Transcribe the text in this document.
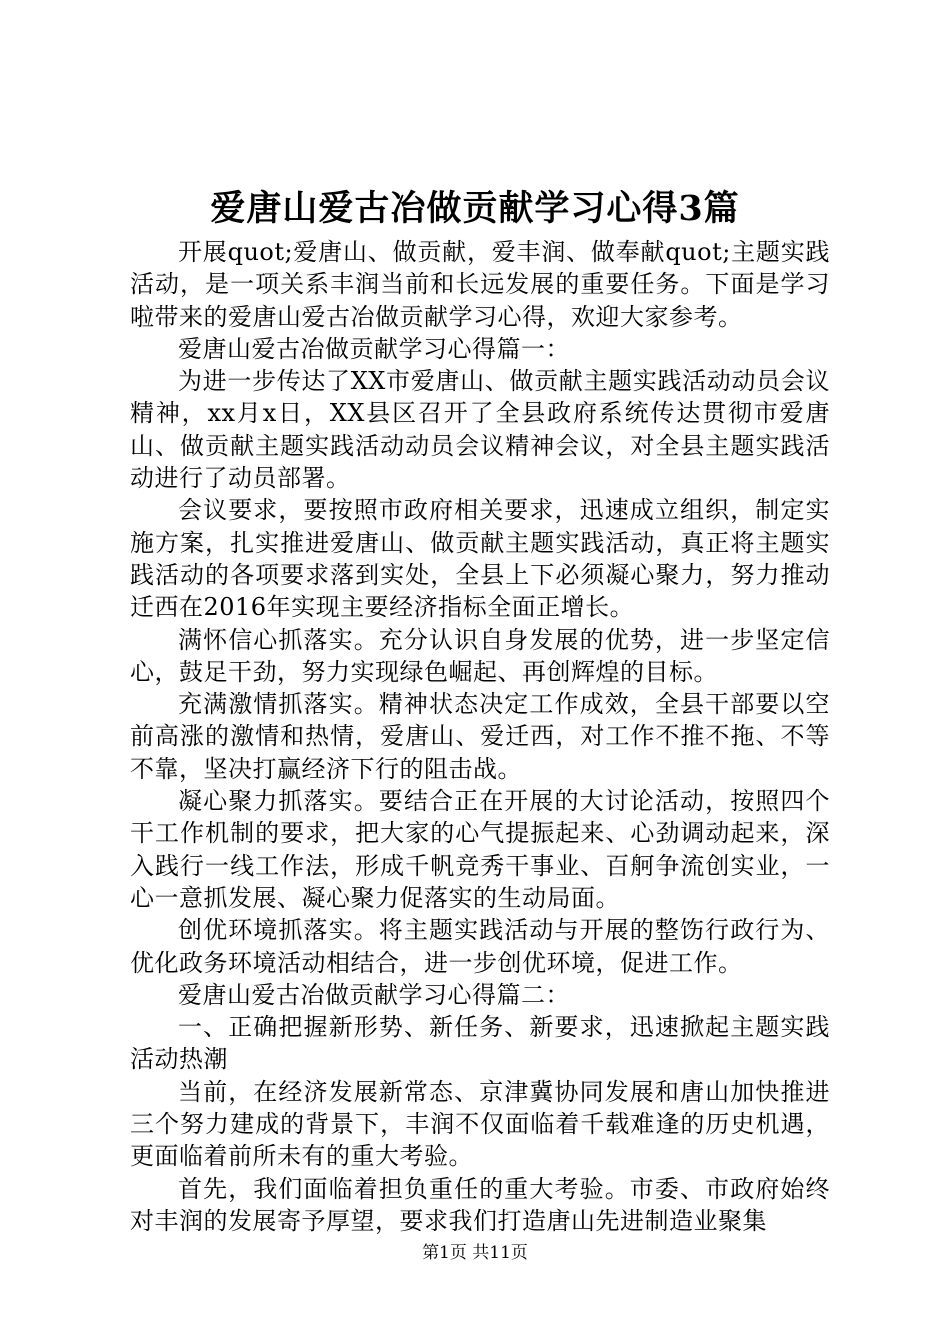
爱唐山爱古冶做贡献学习心得3篇

开展quot;爱唐山、做贡献，爱丰润、做奉献quot;主题实践活动，是一项关系丰润当前和长远发展的重要任务。下面是学习啦带来的爱唐山爱古冶做贡献学习心得，欢迎大家参考。

爱唐山爱古冶做贡献学习心得篇一：

为进一步传达了XX市爱唐山、做贡献主题实践活动动员会议精神，xx月x日，XX县区召开了全县政府系统传达贯彻市爱唐山、做贡献主题实践活动动员会议精神会议，对全县主题实践活动进行了动员部署。

会议要求，要按照市政府相关要求，迅速成立组织，制定实施方案，扎实推进爱唐山、做贡献主题实践活动，真正将主题实践活动的各项要求落到实处，全县上下必须凝心聚力，努力推动迁西在2016年实现主要经济指标全面正增长。

满怀信心抓落实。充分认识自身发展的优势，进一步坚定信心，鼓足干劲，努力实现绿色崛起、再创辉煌的目标。

充满激情抓落实。精神状态决定工作成效，全县干部要以空前高涨的激情和热情，爱唐山、爱迁西，对工作不推不拖、不等不靠，坚决打赢经济下行的阻击战。

凝心聚力抓落实。要结合正在开展的大讨论活动，按照四个干工作机制的要求，把大家的心气提振起来、心劲调动起来，深入践行一线工作法，形成千帆竞秀干事业、百舸争流创实业，一心一意抓发展、凝心聚力促落实的生动局面。

创优环境抓落实。将主题实践活动与开展的整饬行政行为、优化政务环境活动相结合，进一步创优环境，促进工作。

爱唐山爱古冶做贡献学习心得篇二：

一、正确把握新形势、新任务、新要求，迅速掀起主题实践活动热潮

当前，在经济发展新常态、京津冀协同发展和唐山加快推进三个努力建成的背景下，丰润不仅面临着千载难逢的历史机遇，更面临着前所未有的重大考验。

首先，我们面临着担负重任的重大考验。市委、市政府始终对丰润的发展寄予厚望，要求我们打造唐山先进制造业聚集

第1页 共11页
